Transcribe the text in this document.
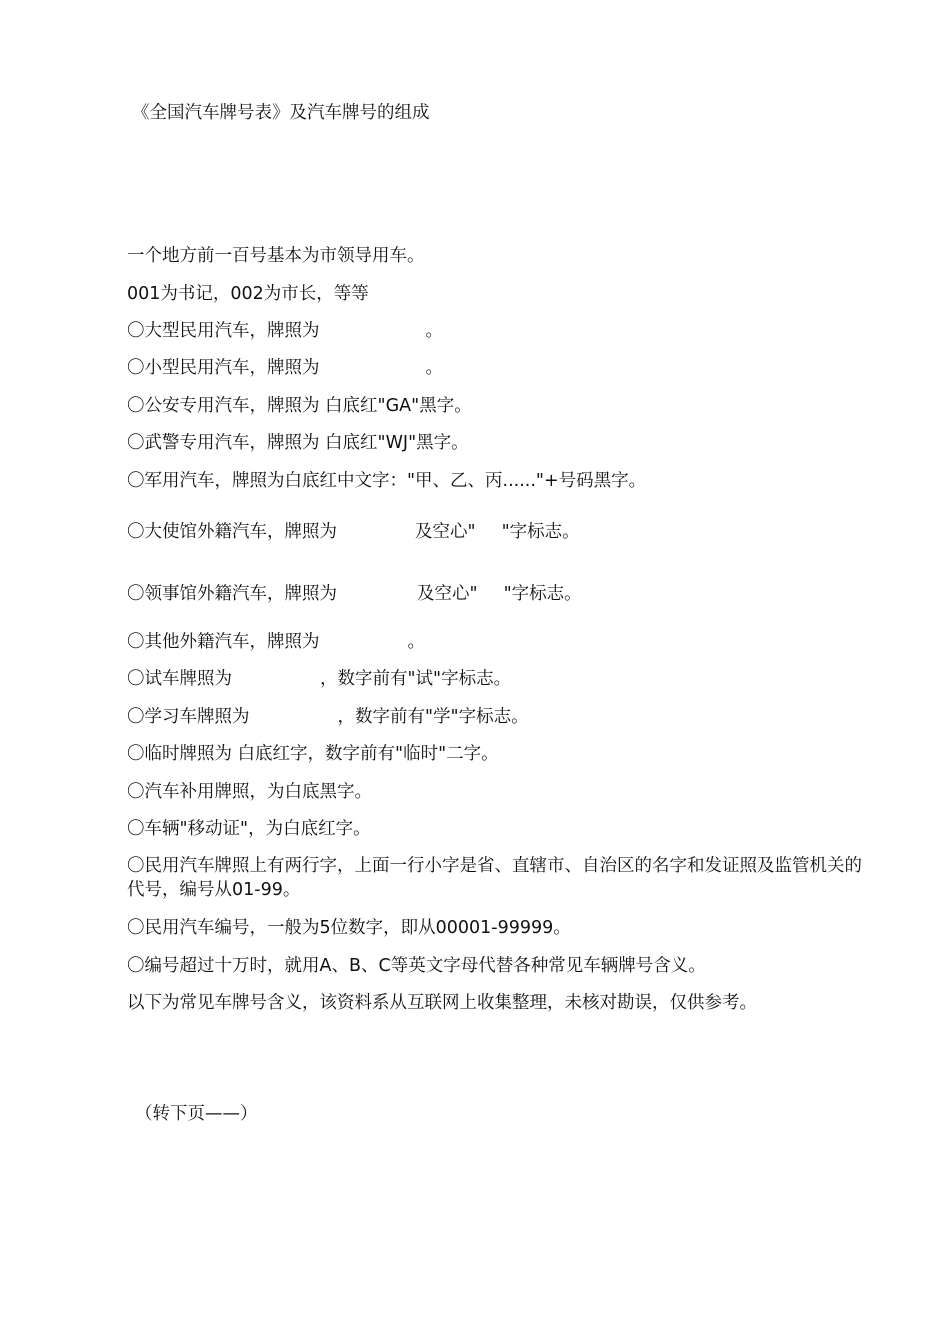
《全国汽车牌号表》及汽车牌号的组成
一个地方前一百号基本为市领导用车。
001为书记，002为市长，等等
〇大型民用汽车，牌照为	。
〇小型民用汽车，牌照为	。
〇公安专用汽车，牌照为 白底红"GA"黑字。
〇武警专用汽车，牌照为 白底红"WJ"黑字。
〇军用汽车，牌照为白底红中文字："甲、乙、丙......"+号码黑字。
〇大使馆外籍汽车，牌照为	及空心" "字标志。
〇领事馆外籍汽车，牌照为	及空心" "字标志。
〇其他外籍汽车，牌照为	。
〇试车牌照为	，数字前有"试"字标志。
〇学习车牌照为	，数字前有"学"字标志。
〇临时牌照为 白底红字，数字前有"临时"二字。
〇汽车补用牌照，为白底黑字。
〇车辆"移动证"，为白底红字。
〇民用汽车牌照上有两行字，上面一行小字是省、直辖市、自治区的名字和发证照及监管机关的代号，编号从01-99。
〇民用汽车编号，一般为5位数字，即从00001-99999。
〇编号超过十万时，就用A、B、C等英文字母代替各种常见车辆牌号含义。
以下为常见车牌号含义，该资料系从互联网上收集整理，未核对勘误，仅供参考。
（转下页——）
